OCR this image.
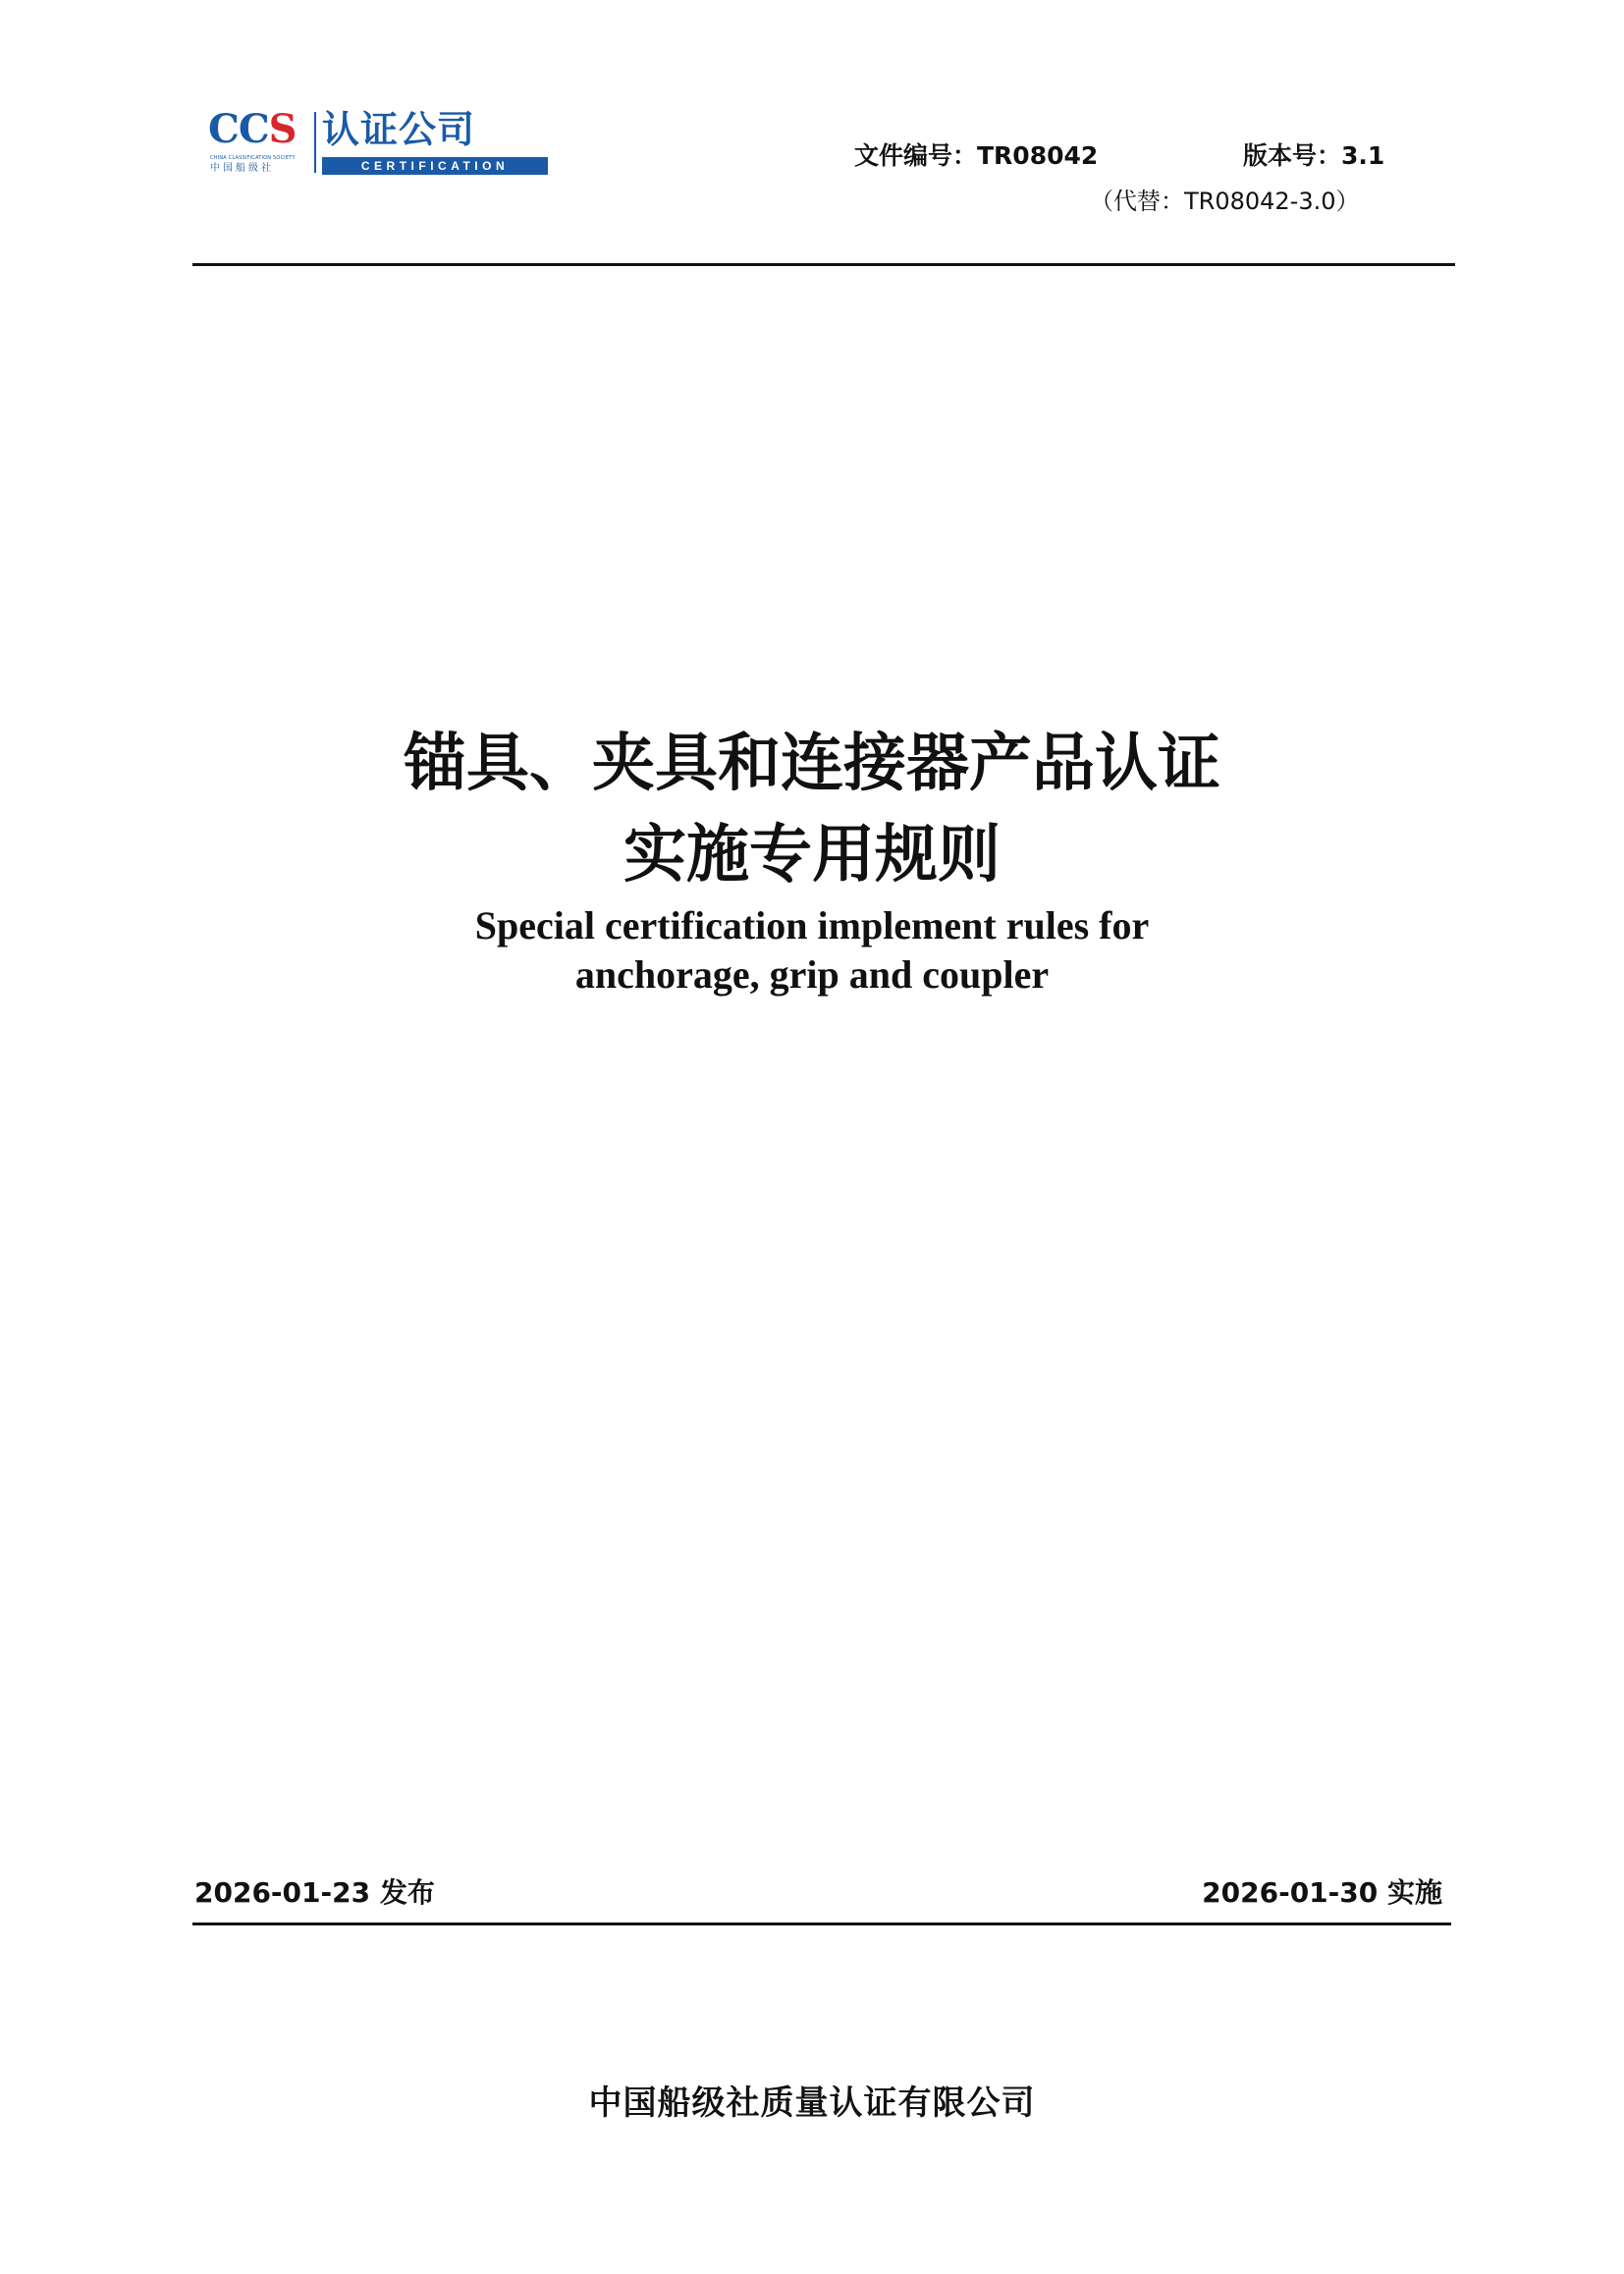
CCS
CHINA CLASSIFICATION SOCIETY
中国船级社
认证公司
CERTIFICATION	文件编号：TR08042	版本号：3.1
（代替：TR08042-3.0）
锚具、夹具和连接器产品认证
实施专用规则
Special certification implement rules for
anchorage, grip and coupler
2026-01-23 发布	2026-01-30 实施
中国船级社质量认证有限公司
